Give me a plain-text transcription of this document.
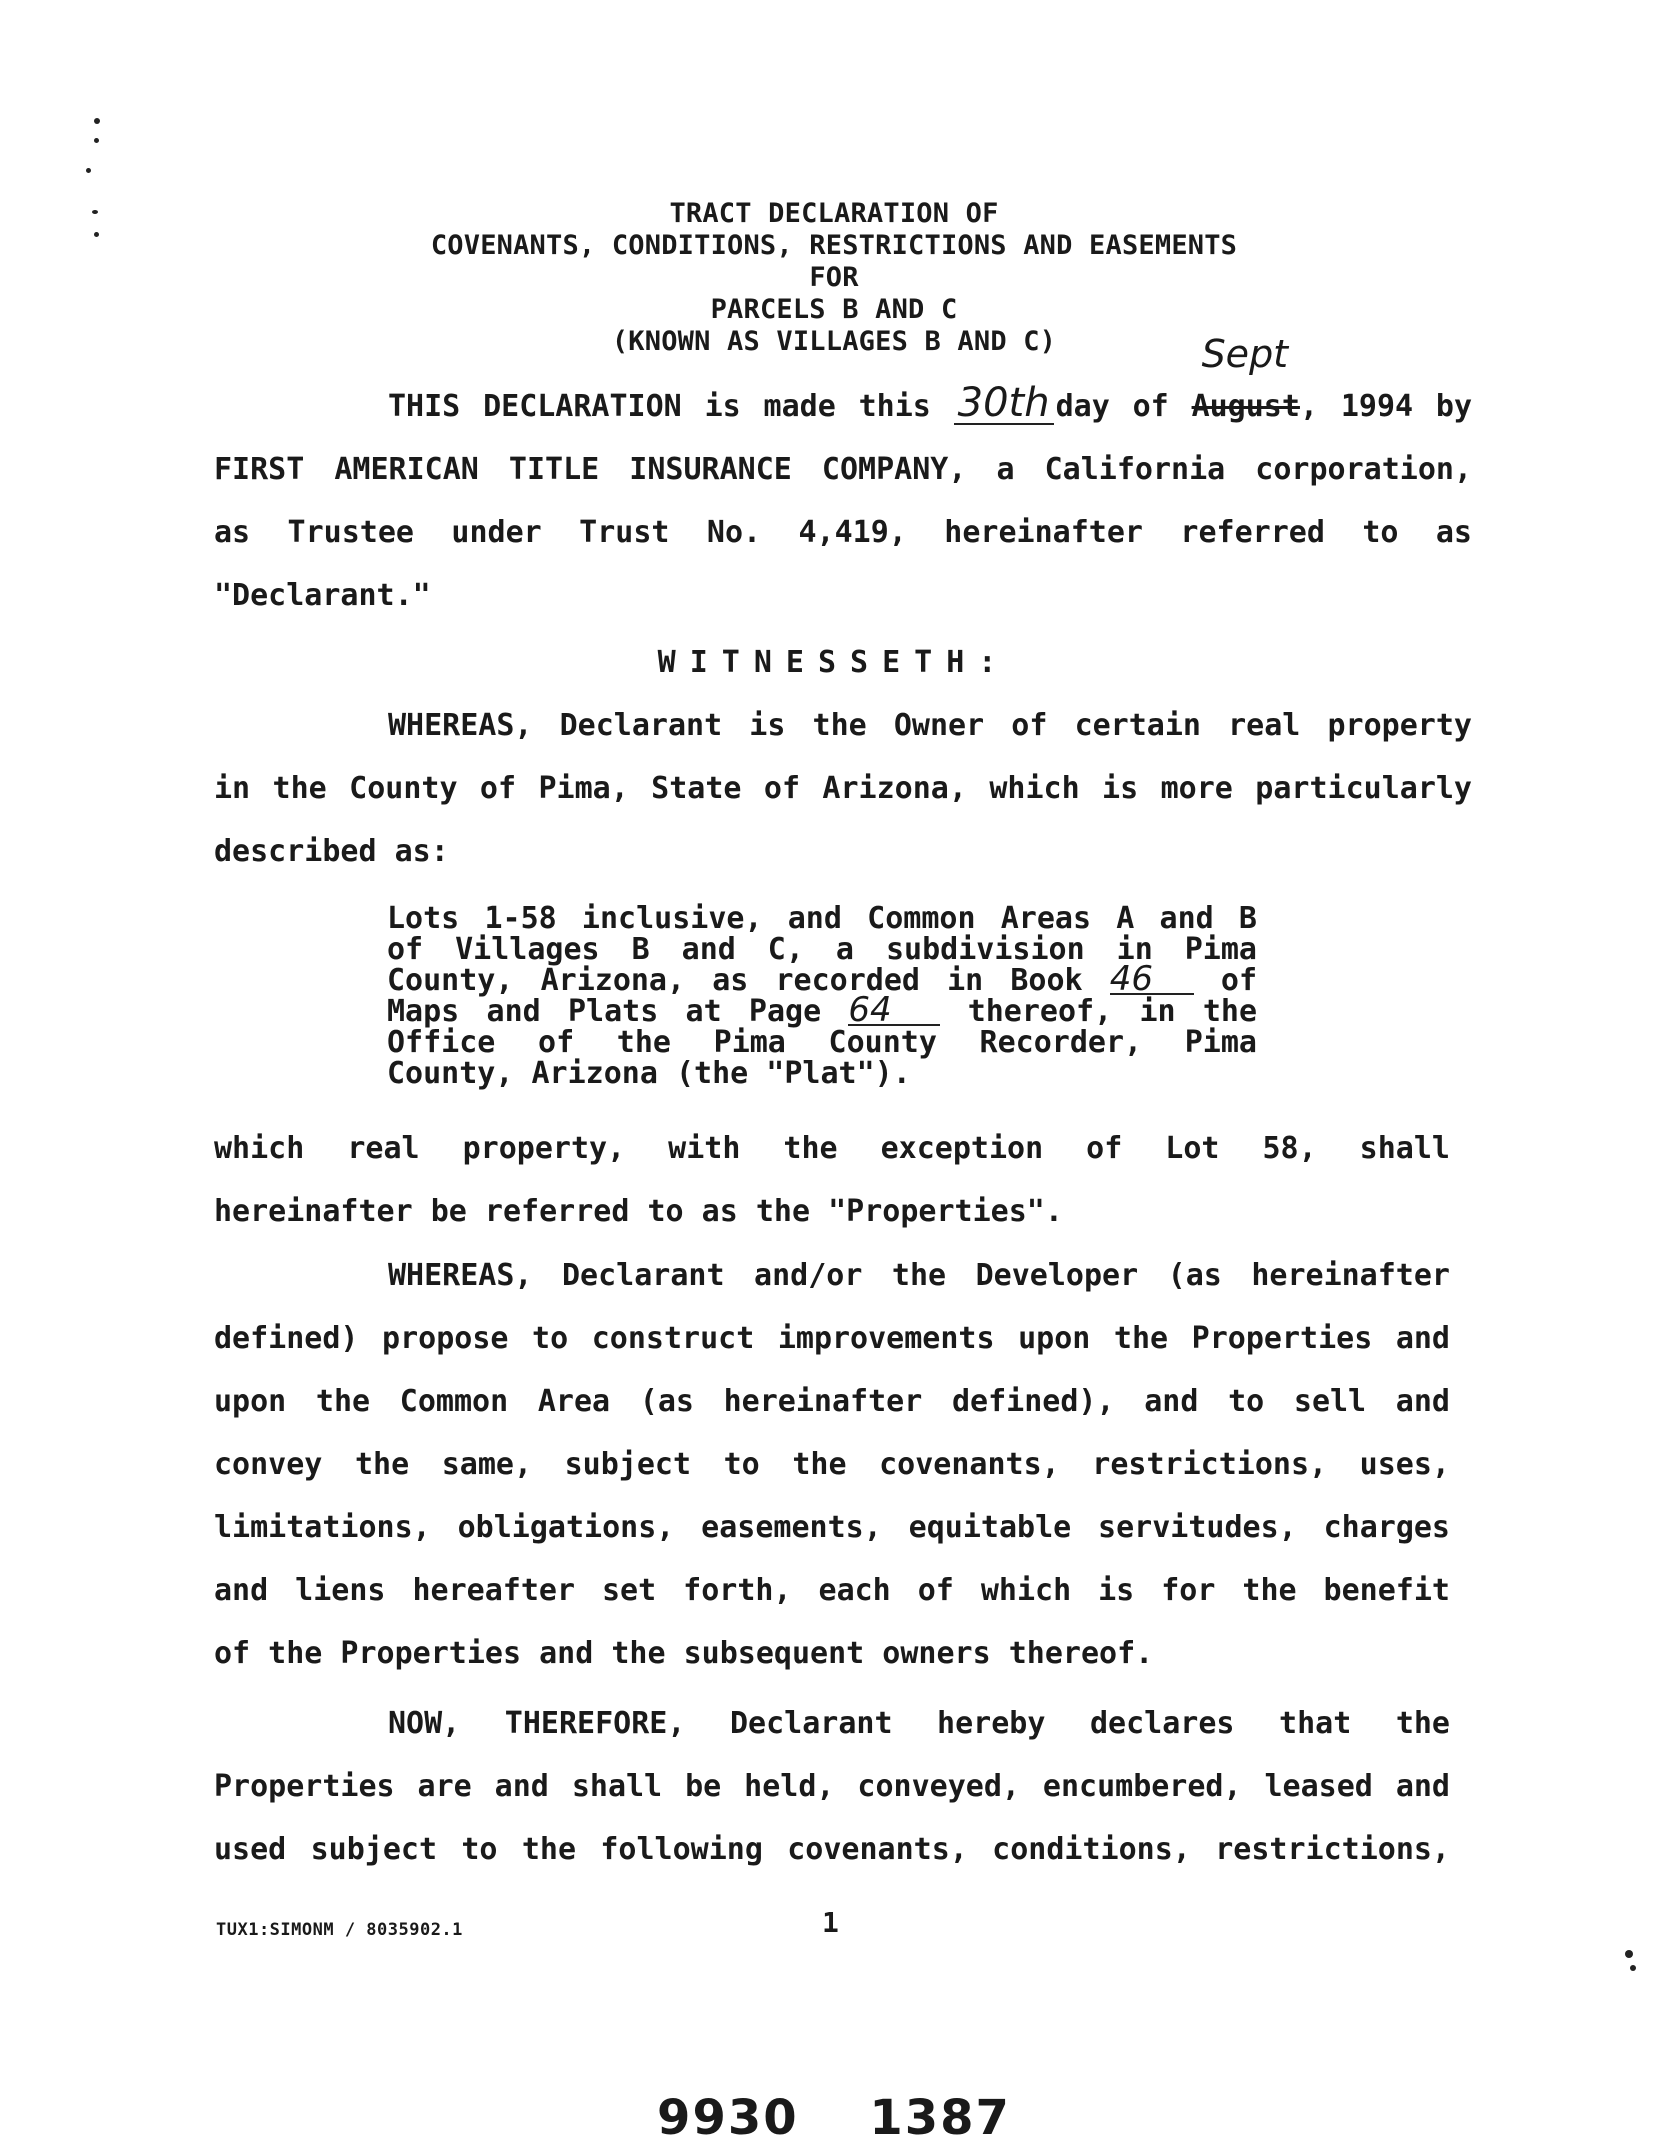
TRACT DECLARATION OF
COVENANTS, CONDITIONS, RESTRICTIONS AND EASEMENTS
FOR
PARCELS B AND C
(KNOWN AS VILLAGES B AND C)
THIS DECLARATION is made this 30th day of August
Sept
, 1994 by
FIRST AMERICAN TITLE INSURANCE COMPANY, a California corporation,
as Trustee under Trust No. 4,419, hereinafter referred to as
"Declarant."
WITNESSETH:
WHEREAS, Declarant is the Owner of certain real property
in the County of Pima, State of Arizona, which is more particularly
described as:
Lots 1-58 inclusive, and Common Areas A and B
of Villages B and C, a subdivision in Pima
County, Arizona, as recorded in Book 46 of
Maps and Plats at Page 64	thereof, in the
Office of the Pima County Recorder, Pima
County, Arizona (the "Plat").
which real property, with the exception of Lot 58, shall
hereinafter be referred to as the "Properties".
WHEREAS, Declarant and/or the Developer (as hereinafter
defined) propose to construct improvements upon the Properties and
upon the Common Area (as hereinafter defined), and to sell and
convey the same, subject to the covenants, restrictions, uses,
limitations, obligations, easements, equitable servitudes, charges
and liens hereafter set forth, each of which is for the benefit
of the Properties and the subsequent owners thereof.
NOW, THEREFORE, Declarant hereby declares that the
Properties are and shall be held, conveyed, encumbered, leased and
used subject to the following covenants, conditions, restrictions,
TUX1:SIMONM / 8035902.1	1
9930 1387
